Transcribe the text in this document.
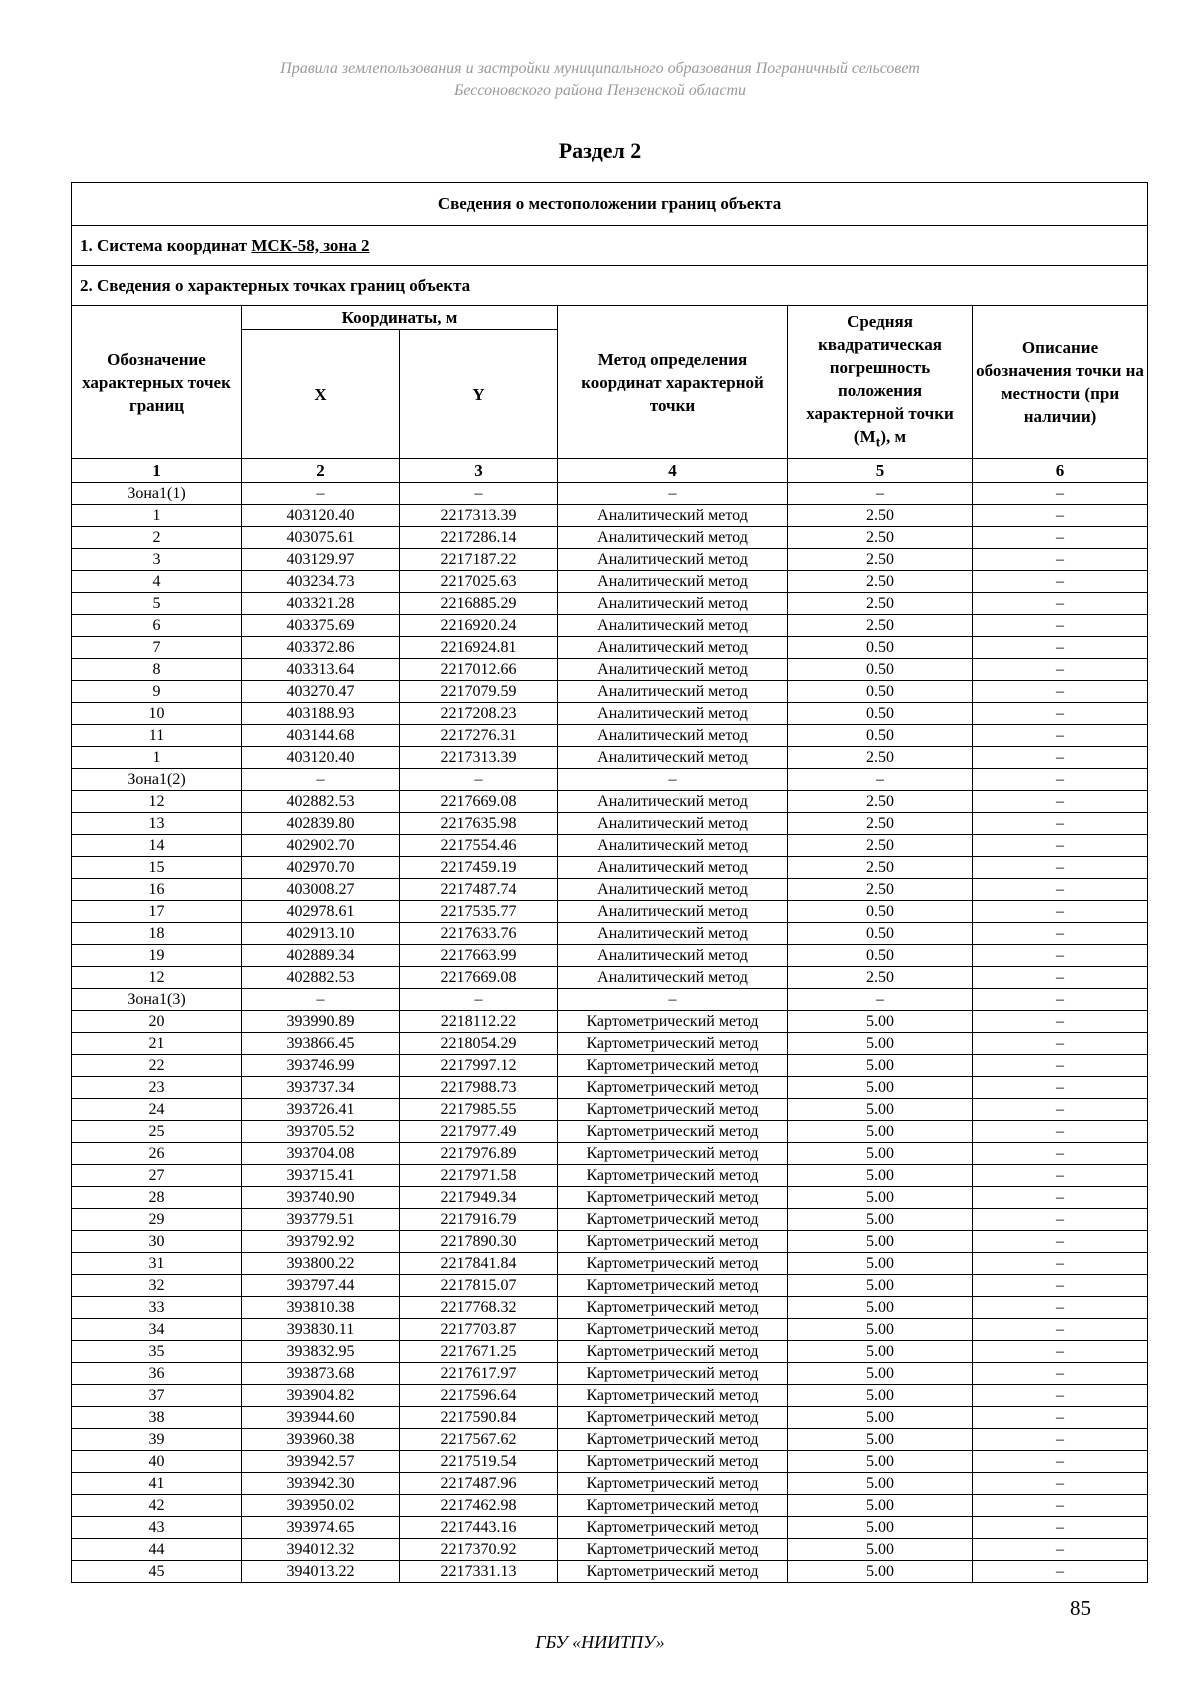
Правила землепользования и застройки муниципального образования Пограничный сельсовет
Бессоновского района Пензенской области
Раздел 2
Сведения о местоположении границ объекта					
1. Система координат МСК-58, зона 2					
2. Сведения о характерных точках границ объекта					
Обозначение характерных точек границ	Координаты, м		Метод определения координат характерной точки	Средняя квадратическая погрешность положения характерной точки $(M_t)$, м	Описание обозначения точки на местности (при наличии)
	X	Y			
1	2	3	4	5	6
Зона1(1)	–	–	–	–	–
1	403120.40	2217313.39	Аналитический метод	2.50	–
2	403075.61	2217286.14	Аналитический метод	2.50	–
3	403129.97	2217187.22	Аналитический метод	2.50	–
4	403234.73	2217025.63	Аналитический метод	2.50	–
5	403321.28	2216885.29	Аналитический метод	2.50	–
6	403375.69	2216920.24	Аналитический метод	2.50	–
7	403372.86	2216924.81	Аналитический метод	0.50	–
8	403313.64	2217012.66	Аналитический метод	0.50	–
9	403270.47	2217079.59	Аналитический метод	0.50	–
10	403188.93	2217208.23	Аналитический метод	0.50	–
11	403144.68	2217276.31	Аналитический метод	0.50	–
1	403120.40	2217313.39	Аналитический метод	2.50	–
Зона1(2)	–	–	–	–	–
12	402882.53	2217669.08	Аналитический метод	2.50	–
13	402839.80	2217635.98	Аналитический метод	2.50	–
14	402902.70	2217554.46	Аналитический метод	2.50	–
15	402970.70	2217459.19	Аналитический метод	2.50	–
16	403008.27	2217487.74	Аналитический метод	2.50	–
17	402978.61	2217535.77	Аналитический метод	0.50	–
18	402913.10	2217633.76	Аналитический метод	0.50	–
19	402889.34	2217663.99	Аналитический метод	0.50	–
12	402882.53	2217669.08	Аналитический метод	2.50	–
Зона1(3)	–	–	–	–	–
20	393990.89	2218112.22	Картометрический метод	5.00	–
21	393866.45	2218054.29	Картометрический метод	5.00	–
22	393746.99	2217997.12	Картометрический метод	5.00	–
23	393737.34	2217988.73	Картометрический метод	5.00	–
24	393726.41	2217985.55	Картометрический метод	5.00	–
25	393705.52	2217977.49	Картометрический метод	5.00	–
26	393704.08	2217976.89	Картометрический метод	5.00	–
27	393715.41	2217971.58	Картометрический метод	5.00	–
28	393740.90	2217949.34	Картометрический метод	5.00	–
29	393779.51	2217916.79	Картометрический метод	5.00	–
30	393792.92	2217890.30	Картометрический метод	5.00	–
31	393800.22	2217841.84	Картометрический метод	5.00	–
32	393797.44	2217815.07	Картометрический метод	5.00	–
33	393810.38	2217768.32	Картометрический метод	5.00	–
34	393830.11	2217703.87	Картометрический метод	5.00	–
35	393832.95	2217671.25	Картометрический метод	5.00	–
36	393873.68	2217617.97	Картометрический метод	5.00	–
37	393904.82	2217596.64	Картометрический метод	5.00	–
38	393944.60	2217590.84	Картометрический метод	5.00	–
39	393960.38	2217567.62	Картометрический метод	5.00	–
40	393942.57	2217519.54	Картометрический метод	5.00	–
41	393942.30	2217487.96	Картометрический метод	5.00	–
42	393950.02	2217462.98	Картометрический метод	5.00	–
43	393974.65	2217443.16	Картометрический метод	5.00	–
44	394012.32	2217370.92	Картометрический метод	5.00	–
45	394013.22	2217331.13	Картометрический метод	5.00	–
85
ГБУ «НИИТПУ»
